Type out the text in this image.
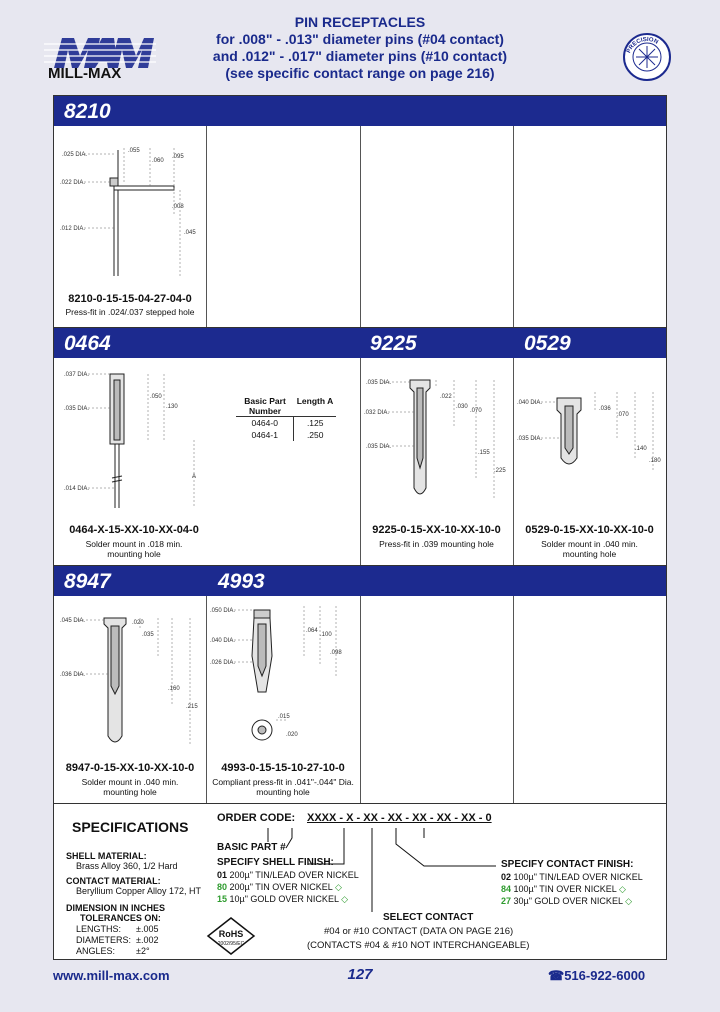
PIN RECEPTACLES
for .008" - .013" diameter pins (#04 contact)
and .012" - .017" diameter pins (#10 contact)
(see specific contact range on page 216)
MILL-MAX
PRECISION
8210
.025 DIA.
.022 DIA.
.012 DIA.
.055
.060
.095
.008
.045
8210-0-15-15-04-27-04-0
Press-fit in .024/.037 stepped hole
0464	9225	0529
.037 DIA.
.035 DIA.
.014 DIA.
.050
.130
A
Basic Part Number
Length A
0464-0	.125
0464-1	.250
0464-X-15-XX-10-XX-04-0
Solder mount in .018 min.
mounting hole
.035 DIA.
.022
.032 DIA.
.030
.070
.155
.035 DIA.
.225
9225-0-15-XX-10-XX-10-0
Press-fit in .039 mounting hole
.040 DIA.
.036
.070
.035 DIA.
.140
.180
0529-0-15-XX-10-XX-10-0
Solder mount in .040 min.
mounting hole
8947	4993
.045 DIA.	.020
.035
.036 DIA.
.160
.215
8947-0-15-XX-10-XX-10-0
Solder mount in .040 min.
mounting hole
.050 DIA.
.040 DIA.
.026 DIA.
.064
.100
.098
.015
.020
4993-0-15-15-10-27-10-0
Compliant press-fit in .041"-.044" Dia.
mounting hole
SPECIFICATIONS
SHELL MATERIAL:
Brass Alloy 360, 1/2 Hard
CONTACT MATERIAL:
Beryllium Copper Alloy 172, HT
DIMENSION IN INCHES
TOLERANCES ON:
LENGTHS:	±.005
DIAMETERS: ±.002
ANGLES: ±2°
RoHS
2002/95/EC
ORDER CODE: XXXX - X - XX - XX - XX - XX - XX - 0
BASIC PART #
SPECIFY SHELL FINISH:
01 200µ" TIN/LEAD OVER NICKEL
80 200µ" TIN OVER NICKEL ◇
15 10µ" GOLD OVER NICKEL ◇
SPECIFY CONTACT FINISH:
02 100µ" TIN/LEAD OVER NICKEL
84 100µ" TIN OVER NICKEL ◇
27 30µ" GOLD OVER NICKEL ◇
SELECT CONTACT
#04 or #10 CONTACT (DATA ON PAGE 216)
(CONTACTS #04 & #10 NOT INTERCHANGEABLE)
www.mill-max.com	127	☎516-922-6000
